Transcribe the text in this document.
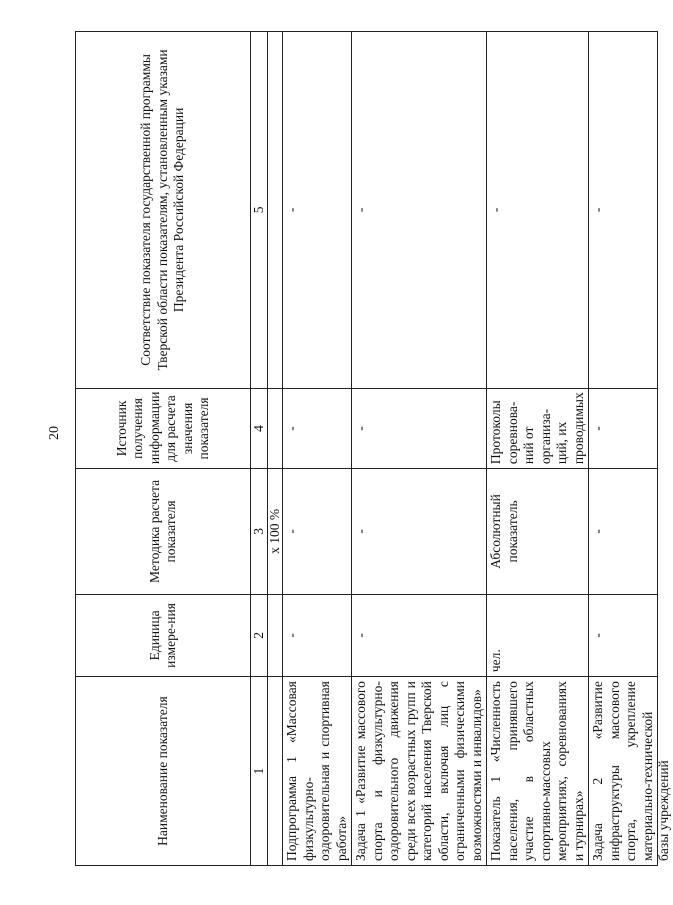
20
Наименование показателя	Единица измере-ния	Методика расчета показателя	Источник получения информации для расчета значения показателя	Соответствие показателя государственной программы Тверской области показателям, установленным указами Президента Российской Федерации
1	2	3	4	5
		х 100 %		
Подпрограмма 1 «Массовая физкультурно-оздоровительная и спортивная работа»	-	-	-	-
Задача 1 «Развитие массового спорта и физкультурно-оздоровительного движения среди всех возрастных групп и категорий населения Тверской области, включая лиц с ограниченными физическими возможностями и инвалидов»	-	-	-	-
Показатель 1 «Численность населения, принявшего участие в областных спортивно-массовых мероприятиях, соревнованиях и турнирах»	чел.	Абсолютный показатель	Протоколы соревнова-ний от организа-ций, их проводимых	-

Задача 2 «Развитие инфраструктуры массового спорта, укрепление материально-технической базы учреждений	-	-	-	-
